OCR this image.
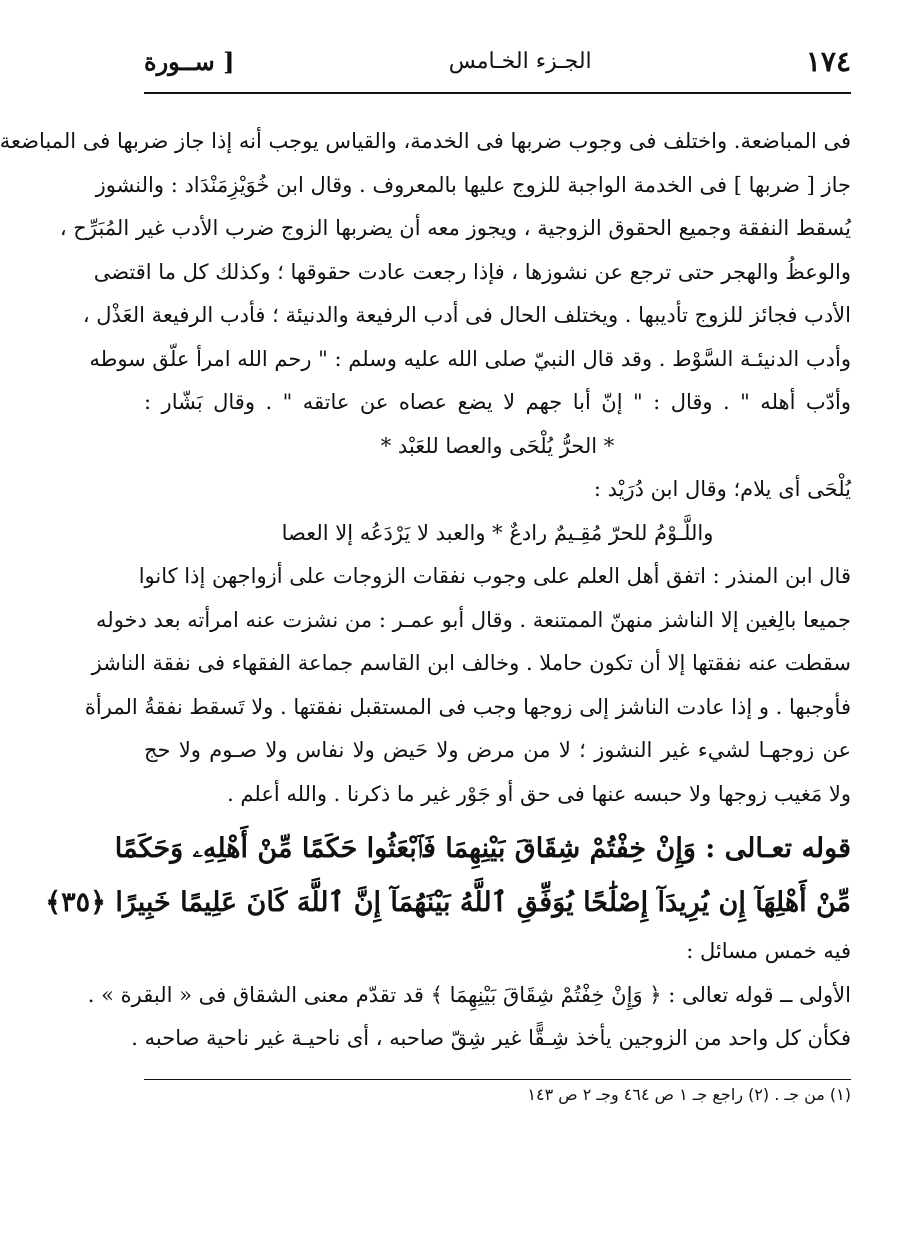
١٧٤
الجـزء الخـامس
[ ســورة
فى المباضعة. واختلف فى وجوب ضربها فى الخدمة، والقياس يوجب أنه إذا جاز ضربها فى المباضعة
جاز [ ضربها ] فى الخدمة الواجبة للزوج عليها بالمعروف . وقال ابن خُوَيْزِمَنْدَاد : والنشوز
يُسقط النفقة وجميع الحقوق الزوجية ، ويجوز معه أن يضربها الزوج ضرب الأدب غير المُبَرِّح ،
والوعظُ والهجر حتى ترجع عن نشوزها ، فإذا رجعت عادت حقوقها ؛ وكذلك كل ما اقتضى
الأدب فجائز للزوج تأديبها . ويختلف الحال فى أدب الرفيعة والدنيئة ؛ فأدب الرفيعة العَذْل ،
وأدب الدنيئـة السَّوْط . وقد قال النبيّ صلى الله عليه وسلم : " رحم الله امرأ علّق سوطه
وأدّب أهله " . وقال : " إنّ أبا جهم لا يضع عصاه عن عاتقه " . وقال بَشّار :
* الحرُّ يُلْحَى والعصا للعَبْد *
يُلْحَى أى يلام؛ وقال ابن دُرَيْد :
واللَّـوْمُ للحرّ مُقِـيمٌ رادعٌ * والعبد لا يَرْدَعُه إلا العصا
قال ابن المنذر : اتفق أهل العلم على وجوب نفقات الزوجات على أزواجهن إذا كانوا
جميعا بالِغين إلا الناشز منهنّ الممتنعة . وقال أبو عمـر : من نشزت عنه امرأته بعد دخوله
سقطت عنه نفقتها إلا أن تكون حاملا . وخالف ابن القاسم جماعة الفقهاء فى نفقة الناشز
فأوجبها . و إذا عادت الناشز إلى زوجها وجب فى المستقبل نفقتها . ولا تَسقط نفقةُ المرأة
عن زوجهـا لشيء غير النشوز ؛ لا من مرض ولا حَيض ولا نفاس ولا صـوم ولا حج
ولا مَغيب زوجها ولا حبسه عنها فى حق أو جَوْر غير ما ذكرنا . والله أعلم .
قوله تعـالى : وَإِنْ خِفْتُمْ شِقَاقَ بَيْنِهِمَا فَٱبْعَثُوا حَكَمًا مِّنْ أَهْلِهِۦ وَحَكَمًا
مِّنْ أَهْلِهَآ إِن يُرِيدَآ إِصْلَٰحًا يُوَفِّقِ ٱللَّهُ بَيْنَهُمَآ إِنَّ ٱللَّهَ كَانَ عَلِيمًا خَبِيرًا ﴿٣٥﴾
فيه خمس مسائل :
الأولى ــ قوله تعالى : ﴿ وَإِنْ خِفْتُمْ شِقَاقَ بَيْنِهِمَا ﴾ قد تقدّم معنى الشقاق فى « البقرة » .
فكأن كل واحد من الزوجين يأخذ شِـقًّا غير شِقّ صاحبه ، أى ناحيـة غير ناحية صاحبه .
(١) من جـ . (٢) راجع جـ ١ ص ٤٦٤ وجـ ٢ ص ١٤٣
